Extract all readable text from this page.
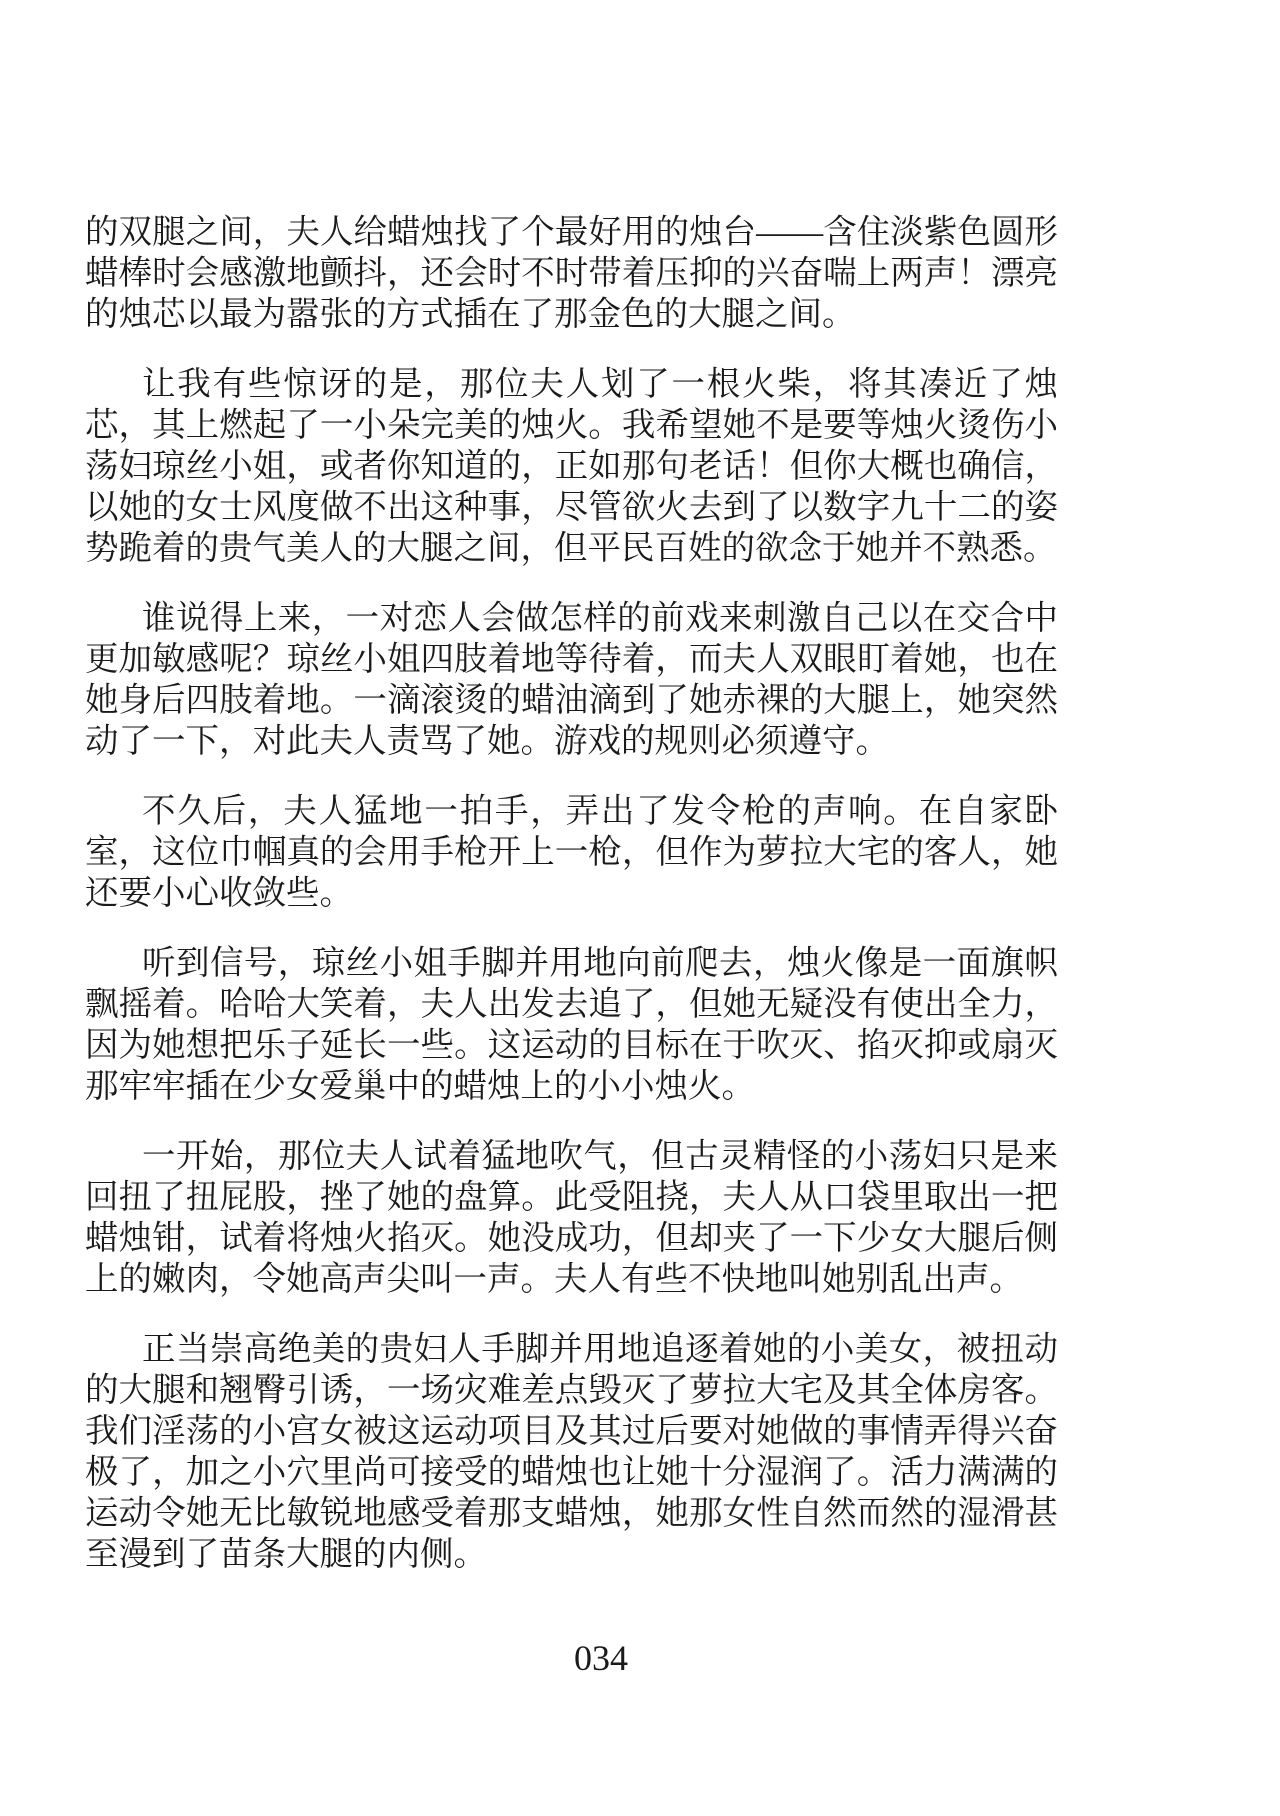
的双腿之间，夫人给蜡烛找了个最好用的烛台——含住淡紫色圆形蜡棒时会感激地颤抖，还会时不时带着压抑的兴奋喘上两声！漂亮的烛芯以最为嚣张的方式插在了那金色的大腿之间。

让我有些惊讶的是，那位夫人划了一根火柴，将其凑近了烛芯，其上燃起了一小朵完美的烛火。我希望她不是要等烛火烫伤小荡妇琼丝小姐，或者你知道的，正如那句老话！但你大概也确信，以她的女士风度做不出这种事，尽管欲火去到了以数字九十二的姿势跪着的贵气美人的大腿之间，但平民百姓的欲念于她并不熟悉。

谁说得上来，一对恋人会做怎样的前戏来刺激自己以在交合中更加敏感呢？琼丝小姐四肢着地等待着，而夫人双眼盯着她，也在她身后四肢着地。一滴滚烫的蜡油滴到了她赤裸的大腿上，她突然动了一下，对此夫人责骂了她。游戏的规则必须遵守。

不久后，夫人猛地一拍手，弄出了发令枪的声响。在自家卧室，这位巾帼真的会用手枪开上一枪，但作为萝拉大宅的客人，她还要小心收敛些。

听到信号，琼丝小姐手脚并用地向前爬去，烛火像是一面旗帜飘摇着。哈哈大笑着，夫人出发去追了，但她无疑没有使出全力，因为她想把乐子延长一些。这运动的目标在于吹灭、掐灭抑或扇灭那牢牢插在少女爱巢中的蜡烛上的小小烛火。

一开始，那位夫人试着猛地吹气，但古灵精怪的小荡妇只是来回扭了扭屁股，挫了她的盘算。此受阻挠，夫人从口袋里取出一把蜡烛钳，试着将烛火掐灭。她没成功，但却夹了一下少女大腿后侧上的嫩肉，令她高声尖叫一声。夫人有些不快地叫她别乱出声。

正当崇高绝美的贵妇人手脚并用地追逐着她的小美女，被扭动的大腿和翘臀引诱，一场灾难差点毁灭了萝拉大宅及其全体房客。我们淫荡的小宫女被这运动项目及其过后要对她做的事情弄得兴奋极了，加之小穴里尚可接受的蜡烛也让她十分湿润了。活力满满的运动令她无比敏锐地感受着那支蜡烛，她那女性自然而然的湿滑甚至漫到了苗条大腿的内侧。

034
